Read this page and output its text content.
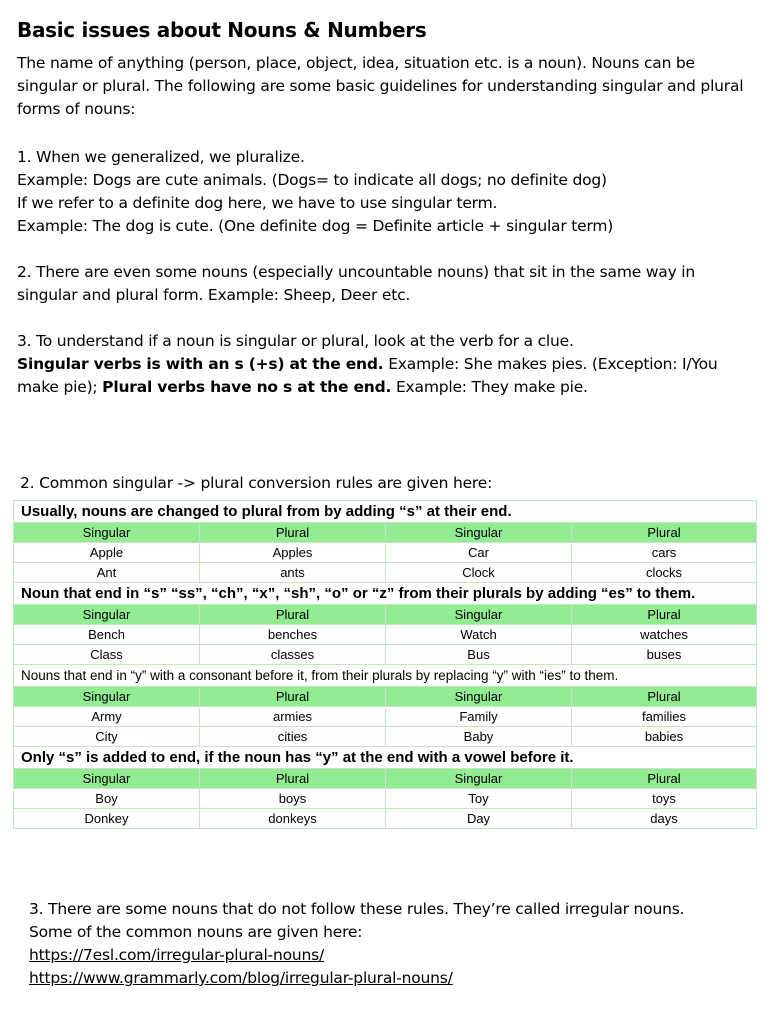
Basic issues about Nouns & Numbers
The name of anything (person, place, object, idea, situation etc. is a noun). Nouns can be singular or plural. The following are some basic guidelines for understanding singular and plural forms of nouns:

1. When we generalized, we pluralize.

Example: Dogs are cute animals. (Dogs= to indicate all dogs; no definite dog)

If we refer to a definite dog here, we have to use singular term.

Example: The dog is cute. (One definite dog = Definite article + singular term)

2. There are even some nouns (especially uncountable nouns) that sit in the same way in singular and plural form. Example: Sheep, Deer etc.

3. To understand if a noun is singular or plural, look at the verb for a clue.

Singular verbs is with an s (+s) at the end. Example: She makes pies. (Exception: I/You make pie); Plural verbs have no s at the end. Example: They make pie.

2. Common singular -> plural conversion rules are given here:
Usually, nouns are changed to plural from by adding “s” at their end.			
Singular	Plural	Singular	Plural
Apple	Apples	Car	cars
Ant	ants	Clock	clocks
Noun that end in “s” “ss”, “ch”, “x”, “sh”, “o” or “z” from their plurals by adding “es” to them.			
Singular	Plural	Singular	Plural
Bench	benches	Watch	watches
Class	classes	Bus	buses
Nouns that end in “y” with a consonant before it, from their plurals by replacing “y” with “ies” to them.			
Singular	Plural	Singular	Plural
Army	armies	Family	families
City	cities	Baby	babies
Only “s” is added to end, if the noun has “y” at the end with a vowel before it.			
Singular	Plural	Singular	Plural
Boy	boys	Toy	toys
Donkey	donkeys	Day	days

3. There are some nouns that do not follow these rules. They’re called irregular nouns.

Some of the common nouns are given here:

https://7esl.com/irregular-plural-nouns/

https://www.grammarly.com/blog/irregular-plural-nouns/
